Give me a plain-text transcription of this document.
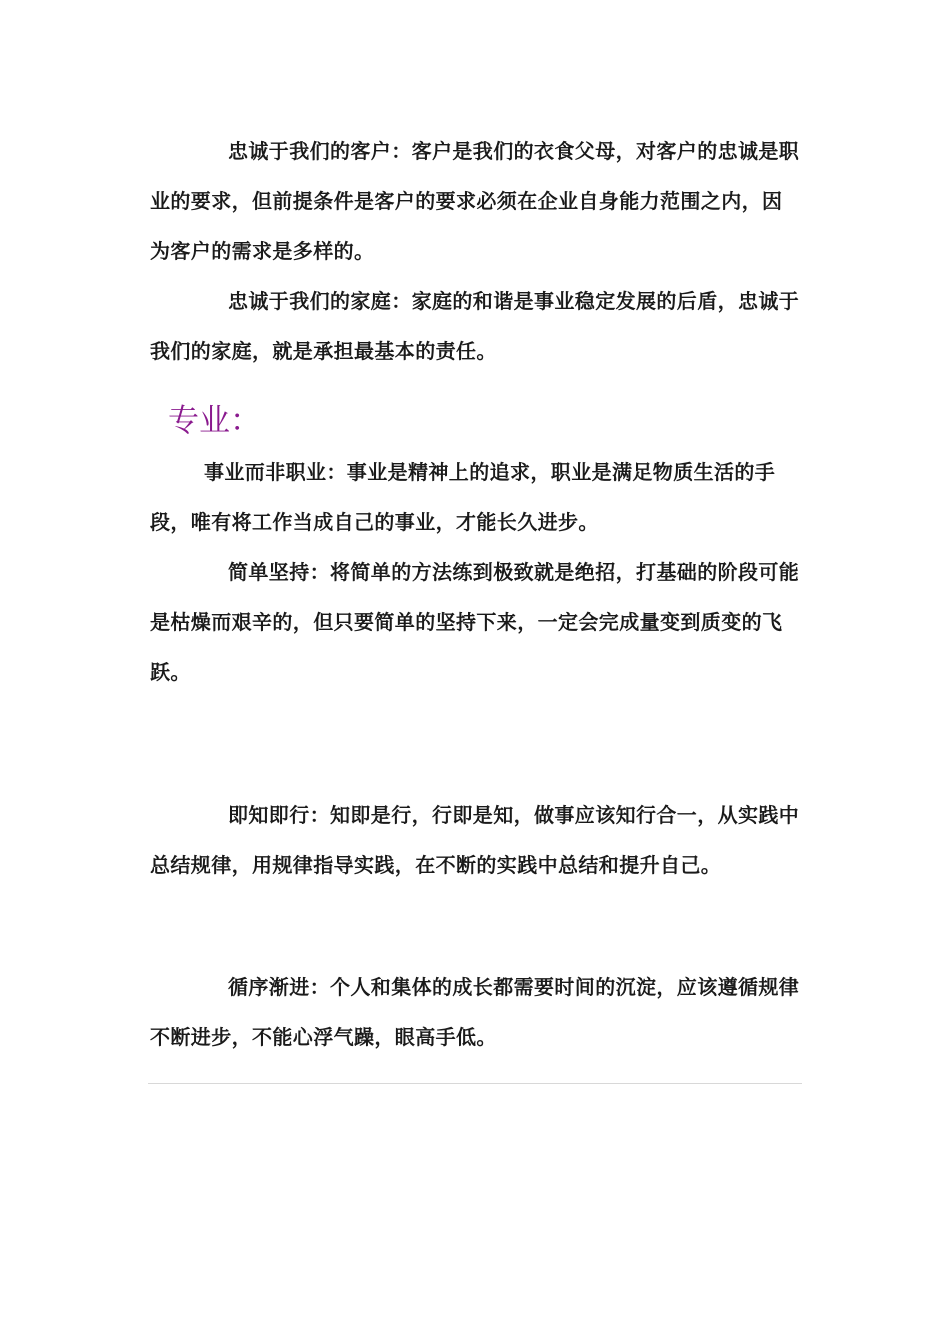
忠诚于我们的客户：客户是我们的衣食父母，对客户的忠诚是职业的要求，但前提条件是客户的要求必须在企业自身能力范围之内，因为客户的需求是多样的。

忠诚于我们的家庭：家庭的和谐是事业稳定发展的后盾，忠诚于我们的家庭，就是承担最基本的责任。

专业：

事业而非职业：事业是精神上的追求，职业是满足物质生活的手段，唯有将工作当成自己的事业，才能长久进步。

简单坚持：将简单的方法练到极致就是绝招，打基础的阶段可能是枯燥而艰辛的，但只要简单的坚持下来，一定会完成量变到质变的飞跃。

即知即行：知即是行，行即是知，做事应该知行合一，从实践中总结规律，用规律指导实践，在不断的实践中总结和提升自己。

循序渐进：个人和集体的成长都需要时间的沉淀，应该遵循规律不断进步，不能心浮气躁，眼高手低。
